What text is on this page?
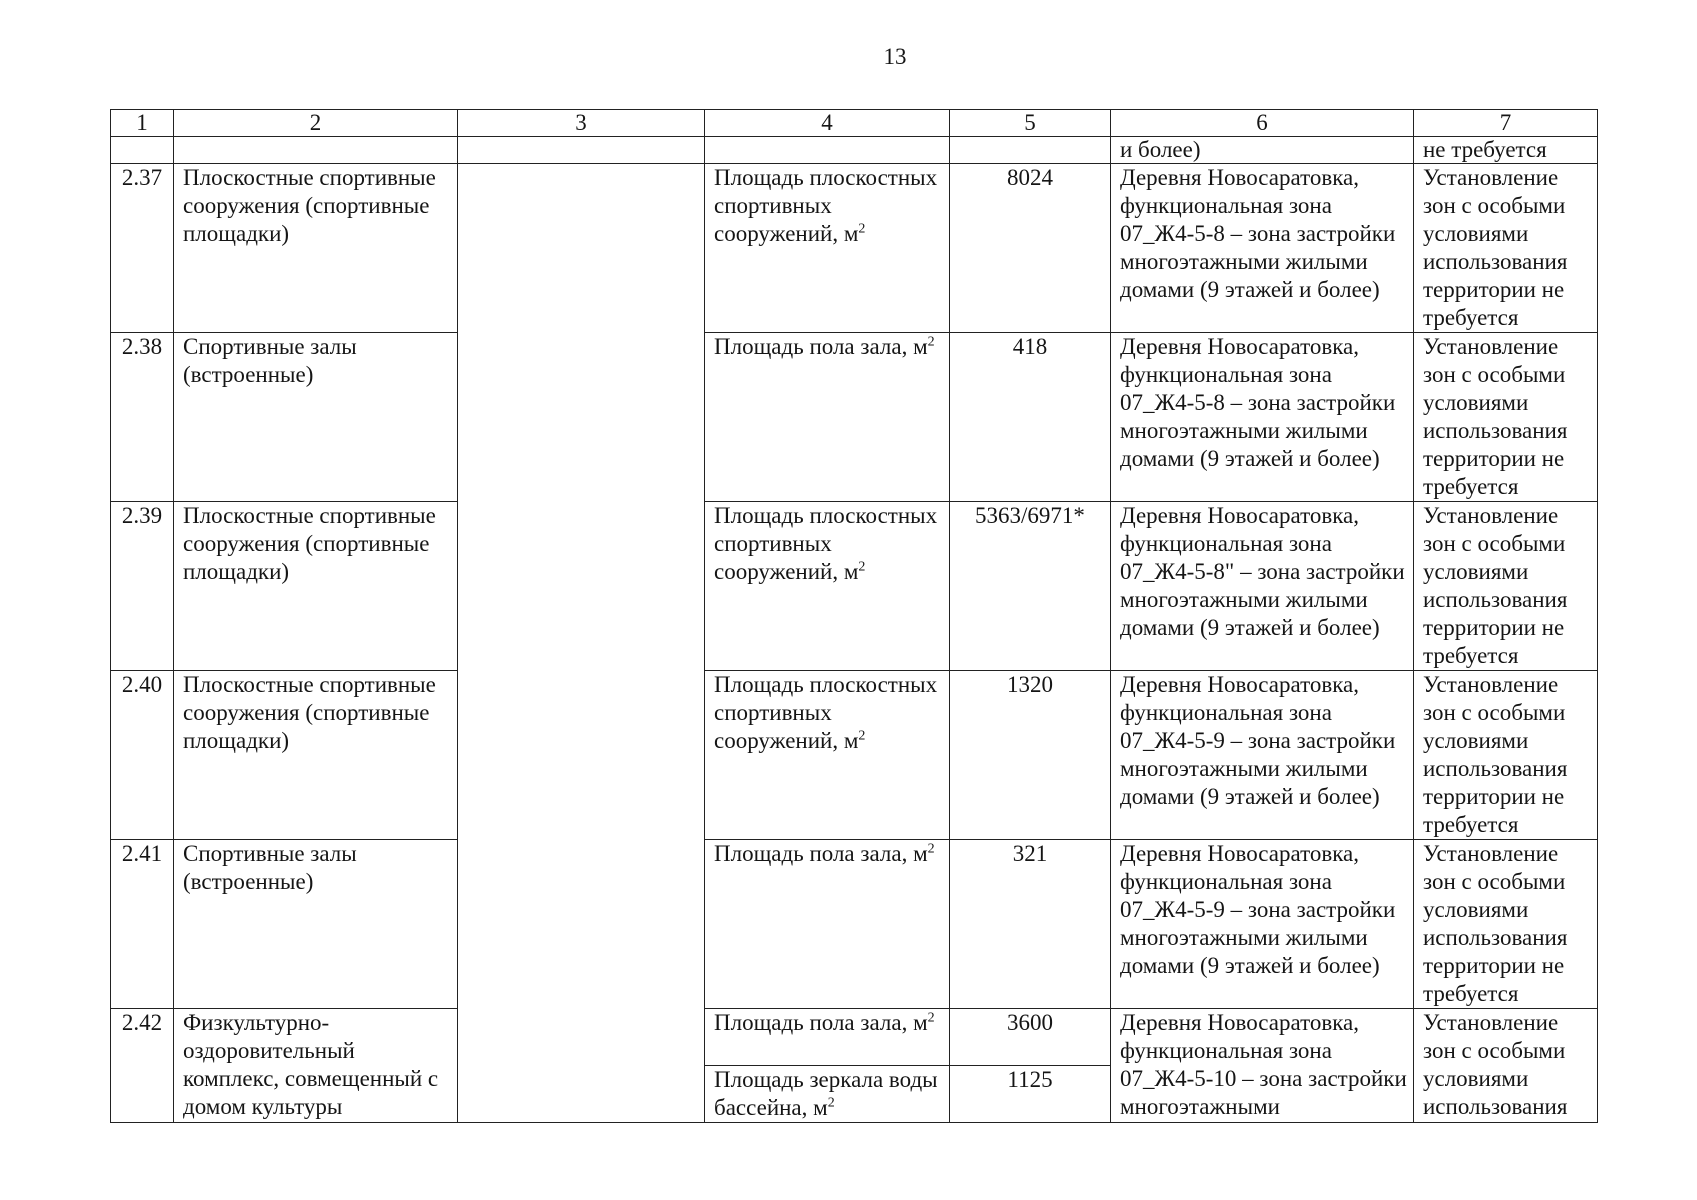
13
1	2	3	4	5	6	7
					и более)	не требуется
2.37	Плоскостные спортивные сооружения (спортивные площадки)		Площадь плоскостных спортивных сооружений, $м^2$	8024	Деревня Новосаратовка, функциональная зона 07_Ж4-5-8 – зона застройки многоэтажными жилыми домами (9 этажей и более)	Установление зон с особыми условиями использования территории не требуется
2.38	Спортивные залы (встроенные)		Площадь пола зала, $м^2$	418	Деревня Новосаратовка, функциональная зона 07_Ж4-5-8 – зона застройки многоэтажными жилыми домами (9 этажей и более)	Установление зон с особыми условиями использования территории не требуется
2.39	Плоскостные спортивные сооружения (спортивные площадки)		Площадь плоскостных спортивных сооружений, $м^2$	5363/6971*	Деревня Новосаратовка, функциональная зона 07_Ж4-5-8" – зона застройки многоэтажными жилыми домами (9 этажей и более)	Установление зон с особыми условиями использования территории не требуется
2.40	Плоскостные спортивные сооружения (спортивные площадки)		Площадь плоскостных спортивных сооружений, $м^2$	1320	Деревня Новосаратовка, функциональная зона 07_Ж4-5-9 – зона застройки многоэтажными жилыми домами (9 этажей и более)	Установление зон с особыми условиями использования территории не требуется
2.41	Спортивные залы (встроенные)		Площадь пола зала, $м^2$	321	Деревня Новосаратовка, функциональная зона 07_Ж4-5-9 – зона застройки многоэтажными жилыми домами (9 этажей и более)	Установление зон с особыми условиями использования территории не требуется
2.42	Физкультурно-оздоровительный комплекс, совмещенный с домом культуры		Площадь пола зала, $м^2$	3600	Деревня Новосаратовка, функциональная зона 07_Ж4-5-10 – зона застройки многоэтажными	Установление зон с особыми условиями использования
			Площадь зеркала воды бассейна, $м^2$	1125		
